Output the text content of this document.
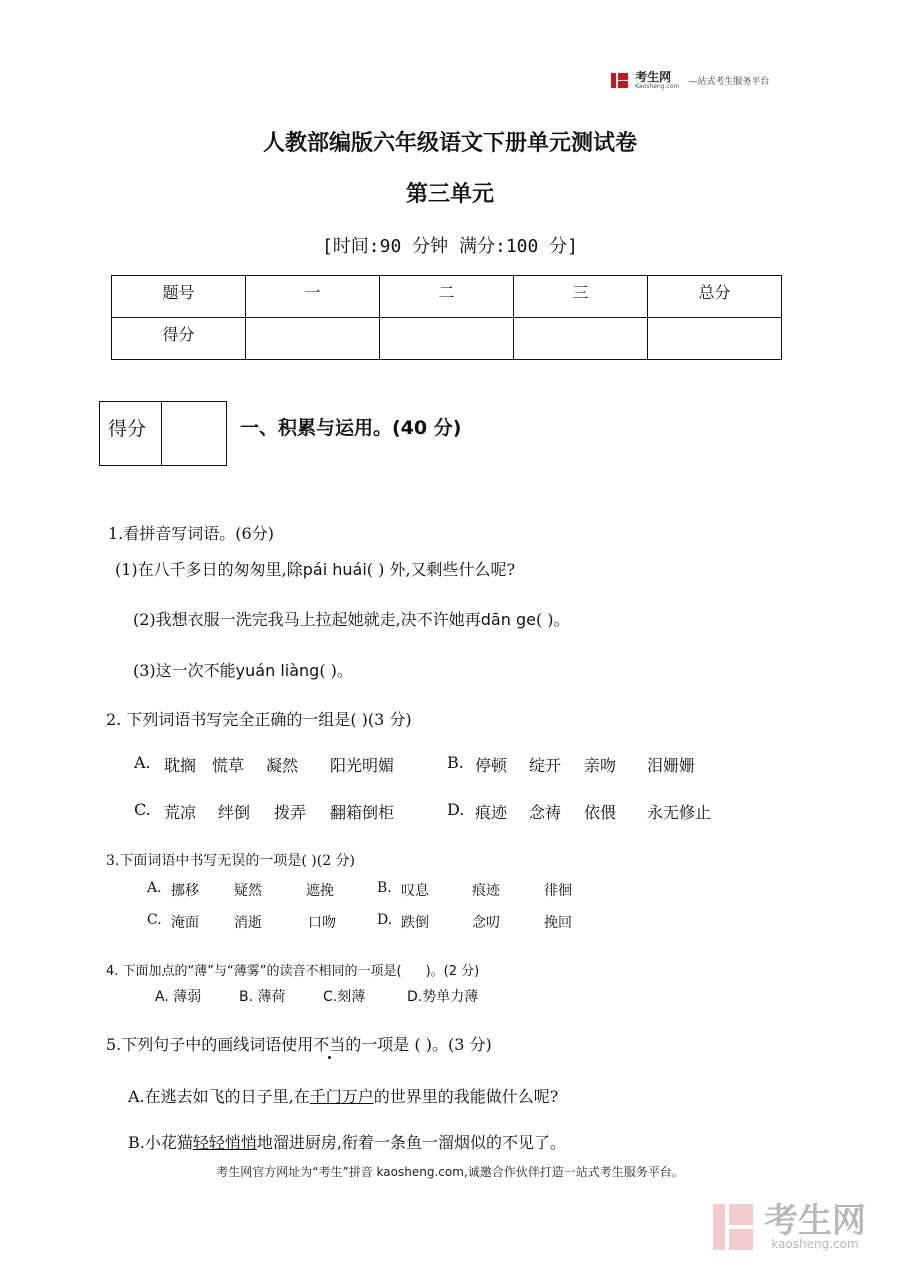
考生网
Kaosheng.com —站式考生服务平台
人教部编版六年级语文下册单元测试卷
第三单元
[时间:90 分钟 满分:100 分]
题号	一	二	三	总分
得分				
得分	一、积累与运用。(40 分)
1.看拼音写词语。(6分)
(1)在八千多日的匆匆里,除pái huái( ) 外,又剩些什么呢?
(2)我想衣服一洗完我马上拉起她就走,决不许她再dān ge( )。
(3)这一次不能yuán liàng( )。
2. 下列词语书写完全正确的一组是( )(3 分)
A. 耽搁 慌草 凝然 阳光明媚	B. 停顿 绽开 亲吻 泪姗姗
C. 荒凉 绊倒 拨弄 翻箱倒柜	D. 痕迹 念祷 依偎 永无修止
3.下面词语中书写无误的一项是( )(2 分)
A. 挪移	疑然	遮挽	B. 叹息	痕迹	徘徊
C. 淹面	消逝	口吻	D. 跌倒	念叨	挽回
4. 下面加点的“薄”与“薄雾”的读音不相同的一项是( )。(2 分)
A. 薄弱	B. 薄荷	C.刻薄	D.势单力薄
5.下列句子中的画线词语使用不当的一项是 ( )。(3 分)
A.在逃去如飞的日子里,在千门万户的世界里的我能做什么呢?
B.小花猫轻轻悄悄地溜进厨房,衔着一条鱼一溜烟似的不见了。
考生网官方网址为“考生”拼音 kaosheng.com,诚邀合作伙伴打造一站式考生服务平台。

考生网
kaosheng.com
